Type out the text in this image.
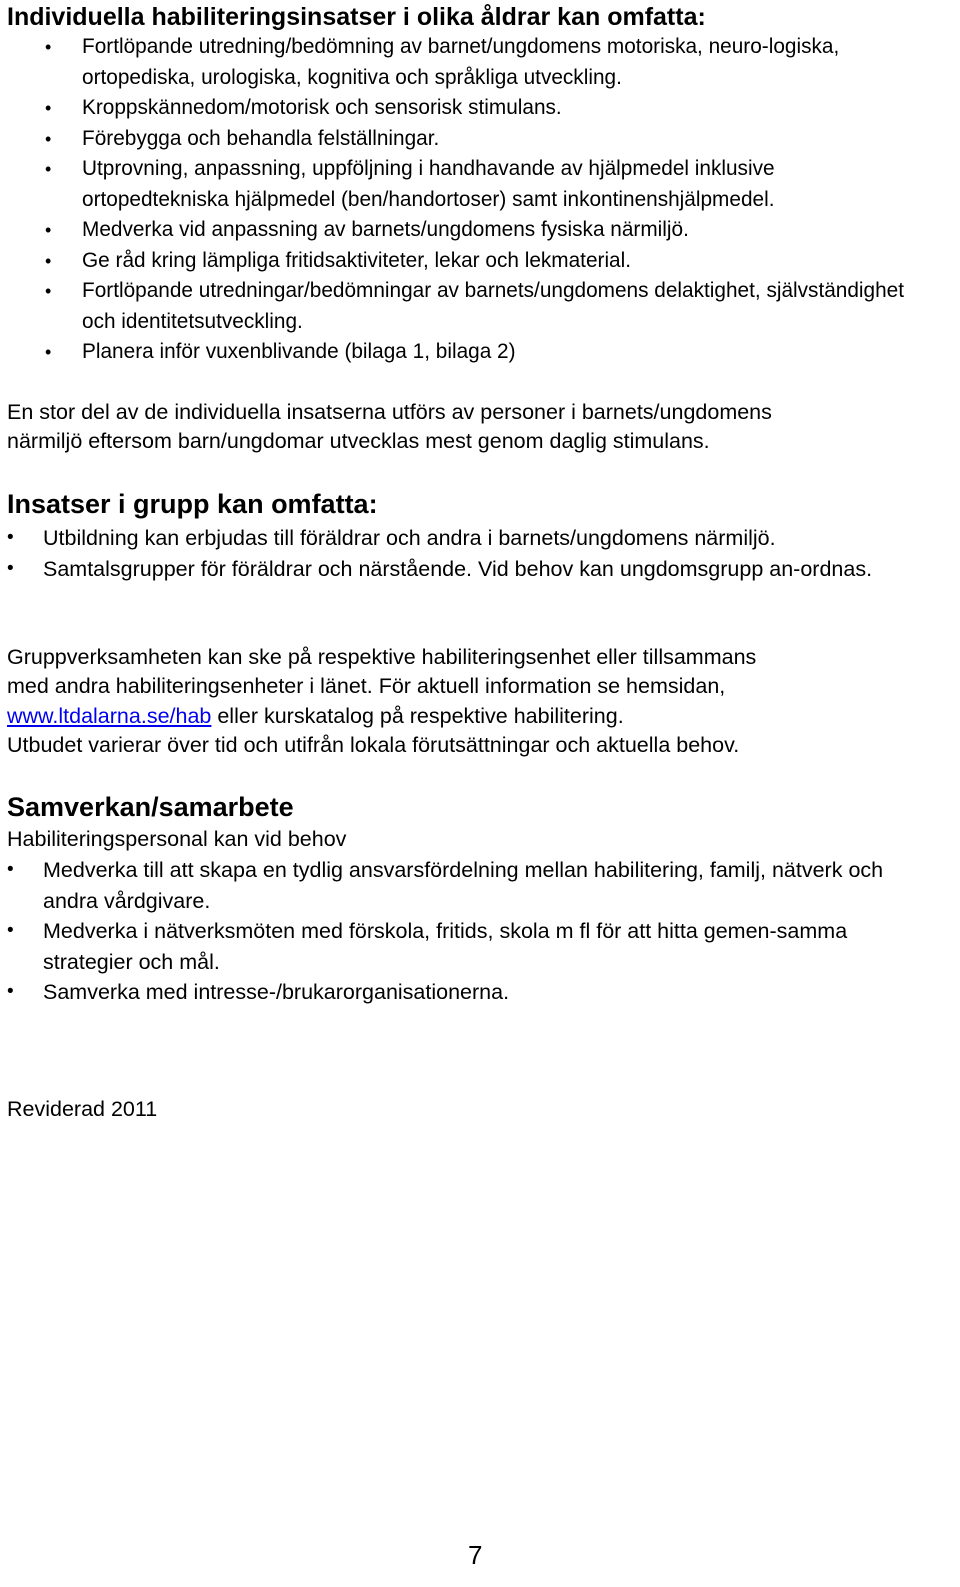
Individuella habiliteringsinsatser i olika åldrar kan omfatta:
• Fortlöpande utredning/bedömning av barnet/ungdomens motoriska, neuro-logiska, ortopediska, urologiska, kognitiva och språkliga utveckling.
• Kroppskännedom/motorisk och sensorisk stimulans.
• Förebygga och behandla felställningar.
• Utprovning, anpassning, uppföljning i handhavande av hjälpmedel inklusive ortopedtekniska hjälpmedel (ben/handortoser) samt inkontinenshjälpmedel.
• Medverka vid anpassning av barnets/ungdomens fysiska närmiljö.
• Ge råd kring lämpliga fritidsaktiviteter, lekar och lekmaterial.
• Fortlöpande utredningar/bedömningar av barnets/ungdomens delaktighet, självständighet och identitetsutveckling.
• Planera inför vuxenblivande (bilaga 1, bilaga 2)

En stor del av de individuella insatserna utförs av personer i barnets/ungdomens
närmiljö eftersom barn/ungdomar utvecklas mest genom daglig stimulans.

Insatser i grupp kan omfatta:
• Utbildning kan erbjudas till föräldrar och andra i barnets/ungdomens närmiljö.
• Samtalsgrupper för föräldrar och närstående. Vid behov kan ungdomsgrupp an-ordnas.

Gruppverksamheten kan ske på respektive habiliteringsenhet eller tillsammans
med andra habiliteringsenheter i länet. För aktuell information se hemsidan,
www.ltdalarna.se/hab eller kurskatalog på respektive habilitering.
Utbudet varierar över tid och utifrån lokala förutsättningar och aktuella behov.

Samverkan/samarbete

Habiliteringspersonal kan vid behov

• Medverka till att skapa en tydlig ansvarsfördelning mellan habilitering, familj, nätverk och andra vårdgivare.
• Medverka i nätverksmöten med förskola, fritids, skola m fl för att hitta gemen-samma strategier och mål.
• Samverka med intresse-/brukarorganisationerna.

Reviderad 2011

7
